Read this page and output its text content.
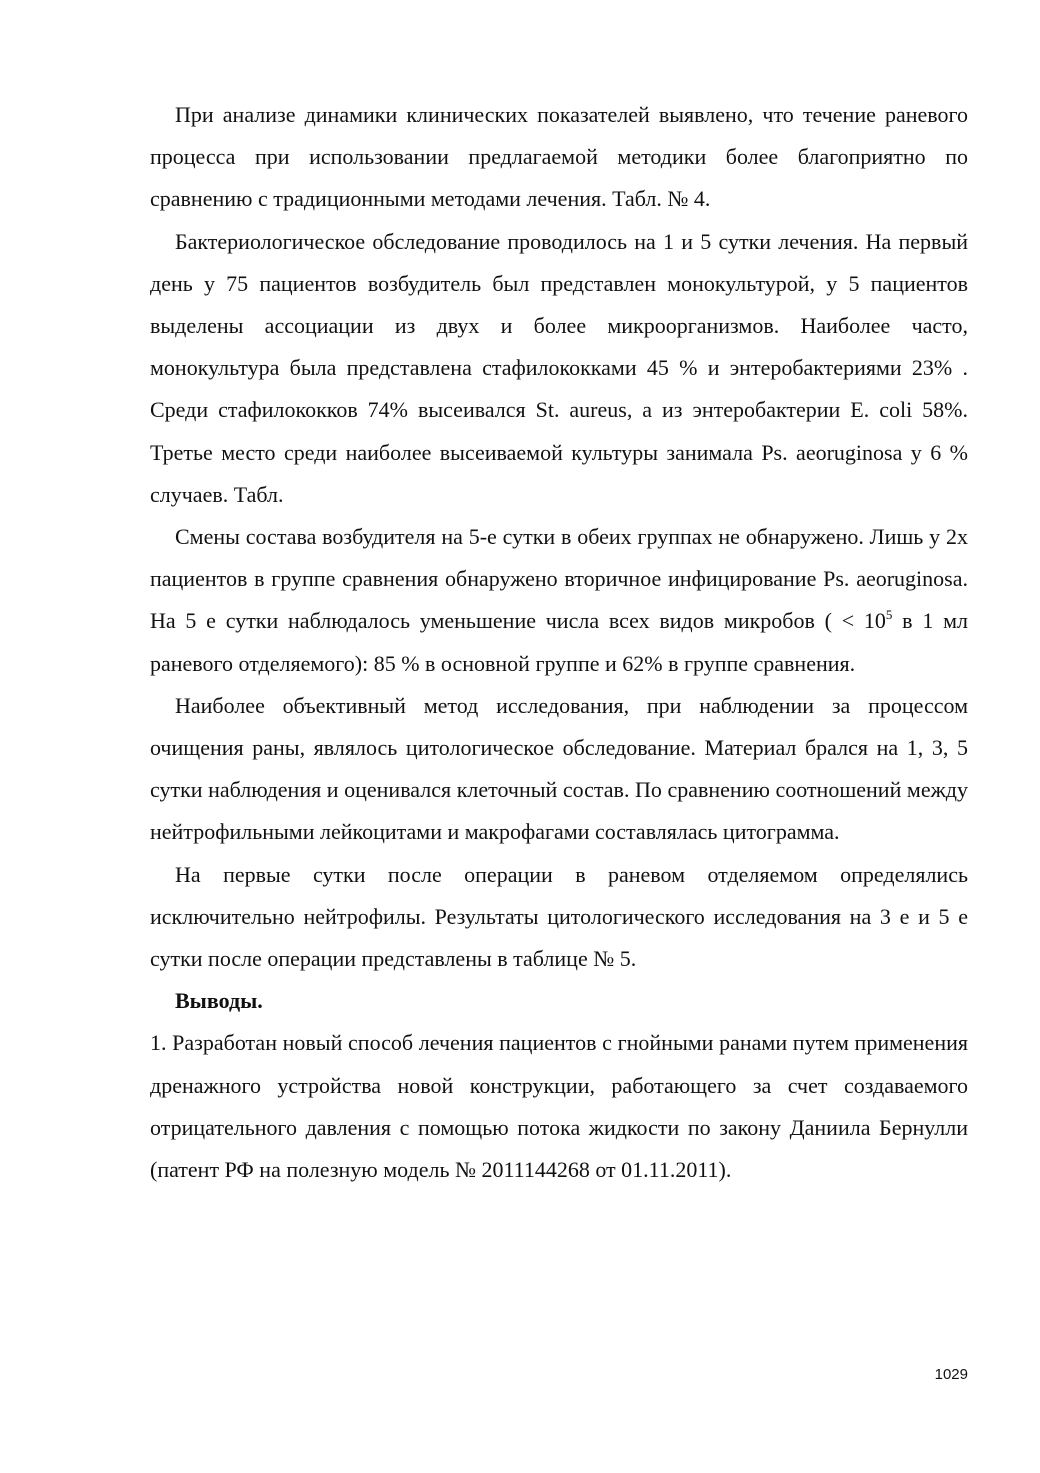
При анализе динамики клинических показателей выявлено, что течение раневого процесса при использовании предлагаемой методики более благоприятно по сравнению с традиционными методами лечения. Табл. № 4.

Бактериологическое обследование проводилось на 1 и 5 сутки лечения. На первый день у 75 пациентов возбудитель был представлен монокультурой, у 5 пациентов выделены ассоциации из двух и более микроорганизмов. Наиболее часто, монокультура была представлена стафилококками 45 % и энтеробактериями 23% . Среди стафилококков 74% высеивался St. aureus, а из энтеробактерии E. coli 58%. Третье место среди наиболее высеиваемой культуры занимала Ps. aeoruginosa у 6 % случаев. Табл.

Смены состава возбудителя на 5-е сутки в обеих группах не обнаружено. Лишь у 2х пациентов в группе сравнения обнаружено вторичное инфицирование Ps. aeoruginosa. На 5 е сутки наблюдалось уменьшение числа всех видов микробов ( < $10^5$ в 1 мл раневого отделяемого): 85 % в основной группе и 62% в группе сравнения.

Наиболее объективный метод исследования, при наблюдении за процессом очищения раны, являлось цитологическое обследование. Материал брался на 1, 3, 5 сутки наблюдения и оценивался клеточный состав. По сравнению соотношений между нейтрофильными лейкоцитами и макрофагами составлялась цитограмма.

На первые сутки после операции в раневом отделяемом определялись исключительно нейтрофилы. Результаты цитологического исследования на 3 е и 5 е сутки после операции представлены в таблице № 5.

Выводы.

1. Разработан новый способ лечения пациентов с гнойными ранами путем применения дренажного устройства новой конструкции, работающего за счет создаваемого отрицательного давления с помощью потока жидкости по закону Даниила Бернулли (патент РФ на полезную модель № 2011144268 от 01.11.2011).

1029
